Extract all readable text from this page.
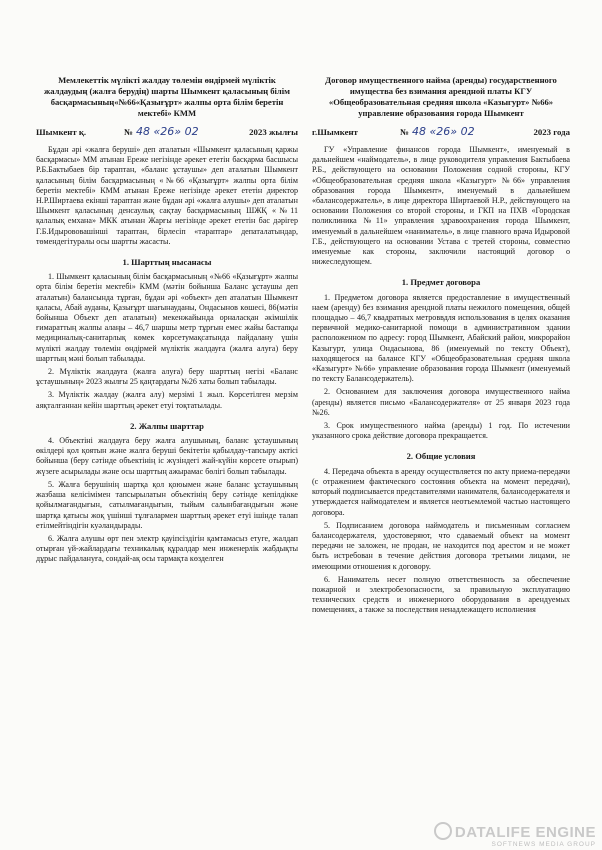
Мемлекеттік мүлікті жалдау төлемін өндірмей мүліктік жалдаудың (жалға берудің) шарты Шымкент қаласының білім басқармасының«№66«Қазығұрт» жалпы орта білім беретін мектебі» КММ
Шымкент қ.	№ 48 «26» 02	2023 жылғы

Бұдан әрі «жалға беруші» деп аталатын «Шымкент қаласының қаржы басқармасы» ММ атынан Ереже негізінде әрекет ететін басқарма басшысы Р.Б.Бактыбаев бір тараптан, «баланс ұстаушы» деп аталатын Шымкент қаласының білім басқармасының «№66 «Қазығұрт» жалпы орта білім беретін мектебі» КММ атынан Ереже негізінде әрекет ететін директор Н.Р.Ширтаева екінші тараптан және бұдан әрі «жалға алушы» деп аталатын Шымкент қаласының денсаулық сақтау басқармасының ШЖҚ «№11 қалалық емхана» МКК атынан Жарғы негізінде әрекет ететін бас дәрігер Г.Б.Идырововашінші тараптан, бірлесіп «тараптар» депаталатындар, төмендегітуралы осы шартты жасасты.

1. Шарттың нысанасы

1. Шымкент қаласының білім басқармасының «№66 «Қазығұрт» жалпы орта білім беретін мектебі» КММ (мәтін бойынша Баланс ұстаушы деп аталатын) балансында тұрған, бұдан әрі «объект» деп аталатын Шымкент қаласы, Абай ауданы, Қазығұрт шағынауданы, Ондасынов көшесі, 86(мәтін бойынша Объект деп аталатын) мекенжайында орналасқан әкімшілік ғимараттың жалпы алаңы – 46,7 шаршы метр тұрғын емес жайы бастапқы медициналық-санитарлық көмек көрсетумақсатында пайдалану үшін мүлікті жалдау төлемін өндірмей мүліктік жалдауға (жалға алуға) беру шарттың мәні болып табылады.

2. Мүліктік жалдауға (жалға алуға) беру шарттың негізі «Баланс ұстаушының» 2023 жылғы 25 қаңтардағы №26 хаты болып табылады.

3. Мүліктік жалдау (жалға алу) мерзімі 1 жыл. Көрсетілген мерзім аяқталғаннан кейін шарттың әрекет етуі тоқтатылады.

2. Жалпы шарттар

4. Объектіні жалдауға беру жалға алушының, баланс ұстаушының өкілдері қол қоятын және жалға беруші бекітетін қабылдау-тапсыру актісі бойынша (беру сәтінде объектінің іс жүзіндегі жай-күйін көрсете отырып) жүзеге асырылады және осы шарттың ажырамас бөлігі болып табылады.

5. Жалға берушінің шартқа қол қоюымен және баланс ұстаушының жазбаша келісімімен тапсырылатын объектінің беру сәтінде кепілдікке қойылмағандығын, сатылмағандығын, тыйым салынбағандығын және шартқа қатысы жоқ үшінші тұлғалармен шарттың әрекет етуі ішінде талап етілмейтіндігін куәландырады.

6. Жалға алушы өрт пен электр қауіпсіздігін қамтамасыз етуге, жалдап отырған үй-жайлардағы техникалық құралдар мен инженерлік жабдықты дұрыс пайдалануға, сондай-ақ осы тармақта көзделген

Договор имущественного найма (аренды) государственного имущества без взимания арендной платы КГУ «Общеобразовательная средняя школа «Казыгурт» №66» управление образования города Шымкент
г.Шымкент	№ 48 «26» 02	2023 года

ГУ «Управление финансов города Шымкент», именуемый в дальнейшем «наймодатель», в лице руководителя управления Бактыбаева Р.Б., действующего на основании Положения содной стороны, КГУ «Общеобразовательная средняя школа «Казыгурт» №66» управления образования города Шымкент», именуемый в дальнейшем «балансодержатель», в лице директора Ширтаевой Н.Р., действующего на основании Положения со второй стороны, и ГКП на ПХВ «Городская поликлиника №11» управления здравоохранения города Шымкент, именуемый в дальнейшем «наниматель», в лице главного врача Идыровой Г.Б., действующего на основании Устава с третей стороны, совместно именуемые как стороны, заключили настоящий договор о нижеследующем.

1. Предмет договора

1. Предметом договора является предоставление в имущественный наем (аренду) без взимания арендной платы нежилого помещения, общей площадью – 46,7 квадратных метроввдля использования в целях оказания первичной медико-санитарной помощи в административном здании расположенном по адресу: город Шымкент, Абайский район, микрорайон Казыгурт, улица Ондасынова, 86 (именуемый по тексту Объект), находящегося на балансе КГУ «Общеобразовательная средняя школа «Казыгурт» №66» управление образования города Шымкент (именуемый по тексту Балансодержатель).

2. Основанием для заключения договора имущественного найма (аренды) является письмо «Балансодержателя» от 25 января 2023 года №26.

3. Срок имущественного найма (аренды) 1 год. По истечении указанного срока действие договора прекращается.

2. Общие условия

4. Передача объекта в аренду осуществляется по акту приема-передачи (с отражением фактического состояния объекта на момент передачи), который подписывается представителями нанимателя, балансодержателя и утверждается наймодателем и является неотъемлемой частью настоящего договора.

5. Подписанием договора наймодатель и письменным согласием балансодержателя, удостоверяют, что сдаваемый объект на момент передачи не заложен, не продан, не находится под арестом и не может быть истребован в течение действия договора третьими лицами, не имеющими отношения к договору.

6. Наниматель несет полную ответственность за обеспечение пожарной и электробезопасности, за правильную эксплуатацию технических средств и инженерного оборудования в арендуемых помещениях, а также за последствия ненадлежащего исполнения

DATALIFE ENGINE
SOFTNEWS MEDIA GROUP
